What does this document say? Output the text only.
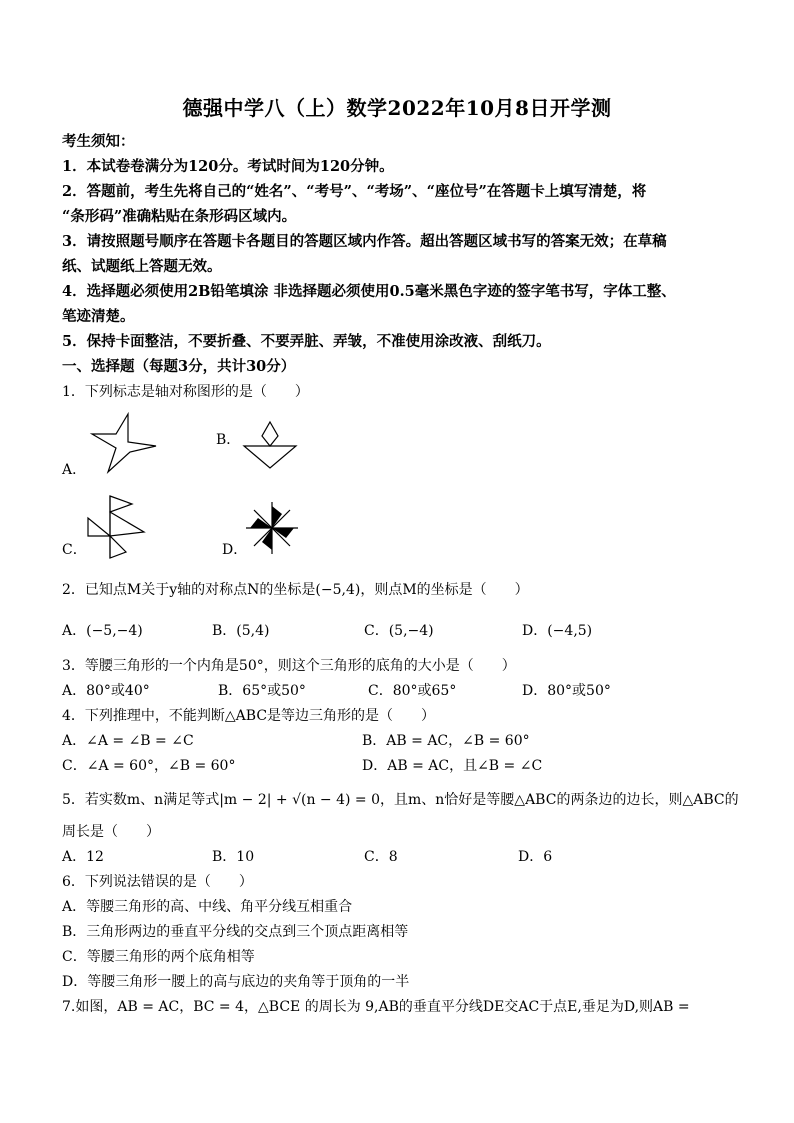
德强中学八（上）数学2022年10月8日开学测
考生须知：
1．本试卷卷满分为120分。考试时间为120分钟。
2．答题前，考生先将自己的“姓名”、“考号”、“考场”、“座位号”在答题卡上填写清楚，将
“条形码”准确粘贴在条形码区域内。
3．请按照题号顺序在答题卡各题目的答题区域内作答。超出答题区域书写的答案无效；在草稿
纸、试题纸上答题无效。
4．选择题必须使用2B铅笔填涂 非选择题必须使用0.5毫米黑色字迹的签字笔书写，字体工整、
笔迹清楚。
5．保持卡面整洁，不要折叠、不要弄脏、弄皱，不准使用涂改液、刮纸刀。
一、选择题（每题3分，共计30分）
1．下列标志是轴对称图形的是（　　）
A．
B．
C．	D．
2．已知点M关于y轴的对称点N的坐标是(−5,4)，则点M的坐标是（　　）
A．(−5,−4)	B．(5,4)	C．(5,−4)	D．(−4,5)
3．等腰三角形的一个内角是50°，则这个三角形的底角的大小是（　　）
A．80°或40°	B．65°或50°	C．80°或65°	D．80°或50°
4．下列推理中，不能判断△ABC是等边三角形的是（　　）
A．∠A = ∠B = ∠C	B．AB = AC，∠B = 60°
C．∠A = 60°，∠B = 60°	D．AB = AC，且∠B = ∠C
5．若实数m、n满足等式|m − 2| + √(n − 4) = 0，且m、n恰好是等腰△ABC的两条边的边长，则△ABC的
周长是（　　）
A．12	B．10	C．8	D．6
6．下列说法错误的是（　　）
A．等腰三角形的高、中线、角平分线互相重合
B．三角形两边的垂直平分线的交点到三个顶点距离相等
C．等腰三角形的两个底角相等
D．等腰三角形一腰上的高与底边的夹角等于顶角的一半
7.如图，AB = AC，BC = 4，△BCE 的周长为 9,AB的垂直平分线DE交AC于点E,垂足为D,则AB =
